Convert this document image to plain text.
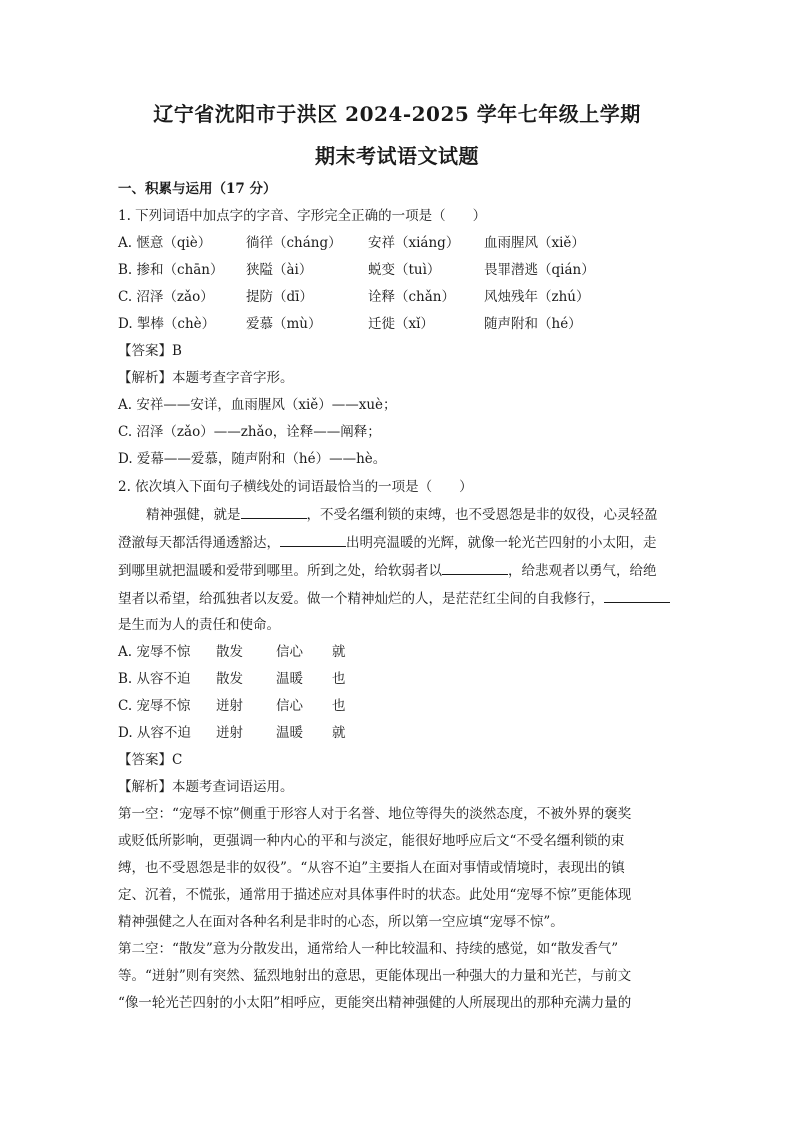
辽宁省沈阳市于洪区 2024-2025 学年七年级上学期
期末考试语文试题
一、积累与运用（17 分）
1. 下列词语中加点字的字音、字形完全正确的一项是（　　）
A. 惬意（qiè）	徜徉（cháng） 安祥（xiáng） 血雨腥风（xiě）
B. 掺和（chān） 狭隘（ài）	蜕变（tuì）	畏罪潜逃（qián）
C. 沼泽（zǎo） 提防（dī）	诠释（chǎn） 风烛残年（zhú）
D. 掣棒（chè） 爱慕（mù）	迁徙（xǐ）	随声附和（hé）
【答案】B
【解析】本题考查字音字形。
A. 安祥——安详，血雨腥风（xiě）——xuè；
C. 沼泽（zǎo）——zhǎo，诠释——阐释；
D. 爱幕——爱慕，随声附和（hé）——hè。
2. 依次填入下面句子横线处的词语最恰当的一项是（　　）
精神强健，就是	，不受名缰利锁的束缚，也不受恩怨是非的奴役，心灵轻盈
澄澈每天都活得通透豁达，	出明亮温暖的光辉，就像一轮光芒四射的小太阳，走
到哪里就把温暖和爱带到哪里。所到之处，给软弱者以	，给悲观者以勇气，给绝
望者以希望，给孤独者以友爱。做一个精神灿烂的人，是茫茫红尘间的自我修行，
是生而为人的责任和使命。
A. 宠辱不惊 散发 信心 就
B. 从容不迫 散发 温暖 也
C. 宠辱不惊 迸射 信心 也
D. 从容不迫 迸射 温暖 就
【答案】C
【解析】本题考查词语运用。
第一空：“宠辱不惊”侧重于形容人对于名誉、地位等得失的淡然态度，不被外界的褒奖
或贬低所影响，更强调一种内心的平和与淡定，能很好地呼应后文“不受名缰利锁的束
缚，也不受恩怨是非的奴役”。“从容不迫”主要指人在面对事情或情境时，表现出的镇
定、沉着，不慌张，通常用于描述应对具体事件时的状态。此处用“宠辱不惊”更能体现
精神强健之人在面对各种名利是非时的心态，所以第一空应填“宠辱不惊”。
第二空：“散发”意为分散发出，通常给人一种比较温和、持续的感觉，如“散发香气”
等。“迸射”则有突然、猛烈地射出的意思，更能体现出一种强大的力量和光芒，与前文
“像一轮光芒四射的小太阳”相呼应，更能突出精神强健的人所展现出的那种充满力量的
